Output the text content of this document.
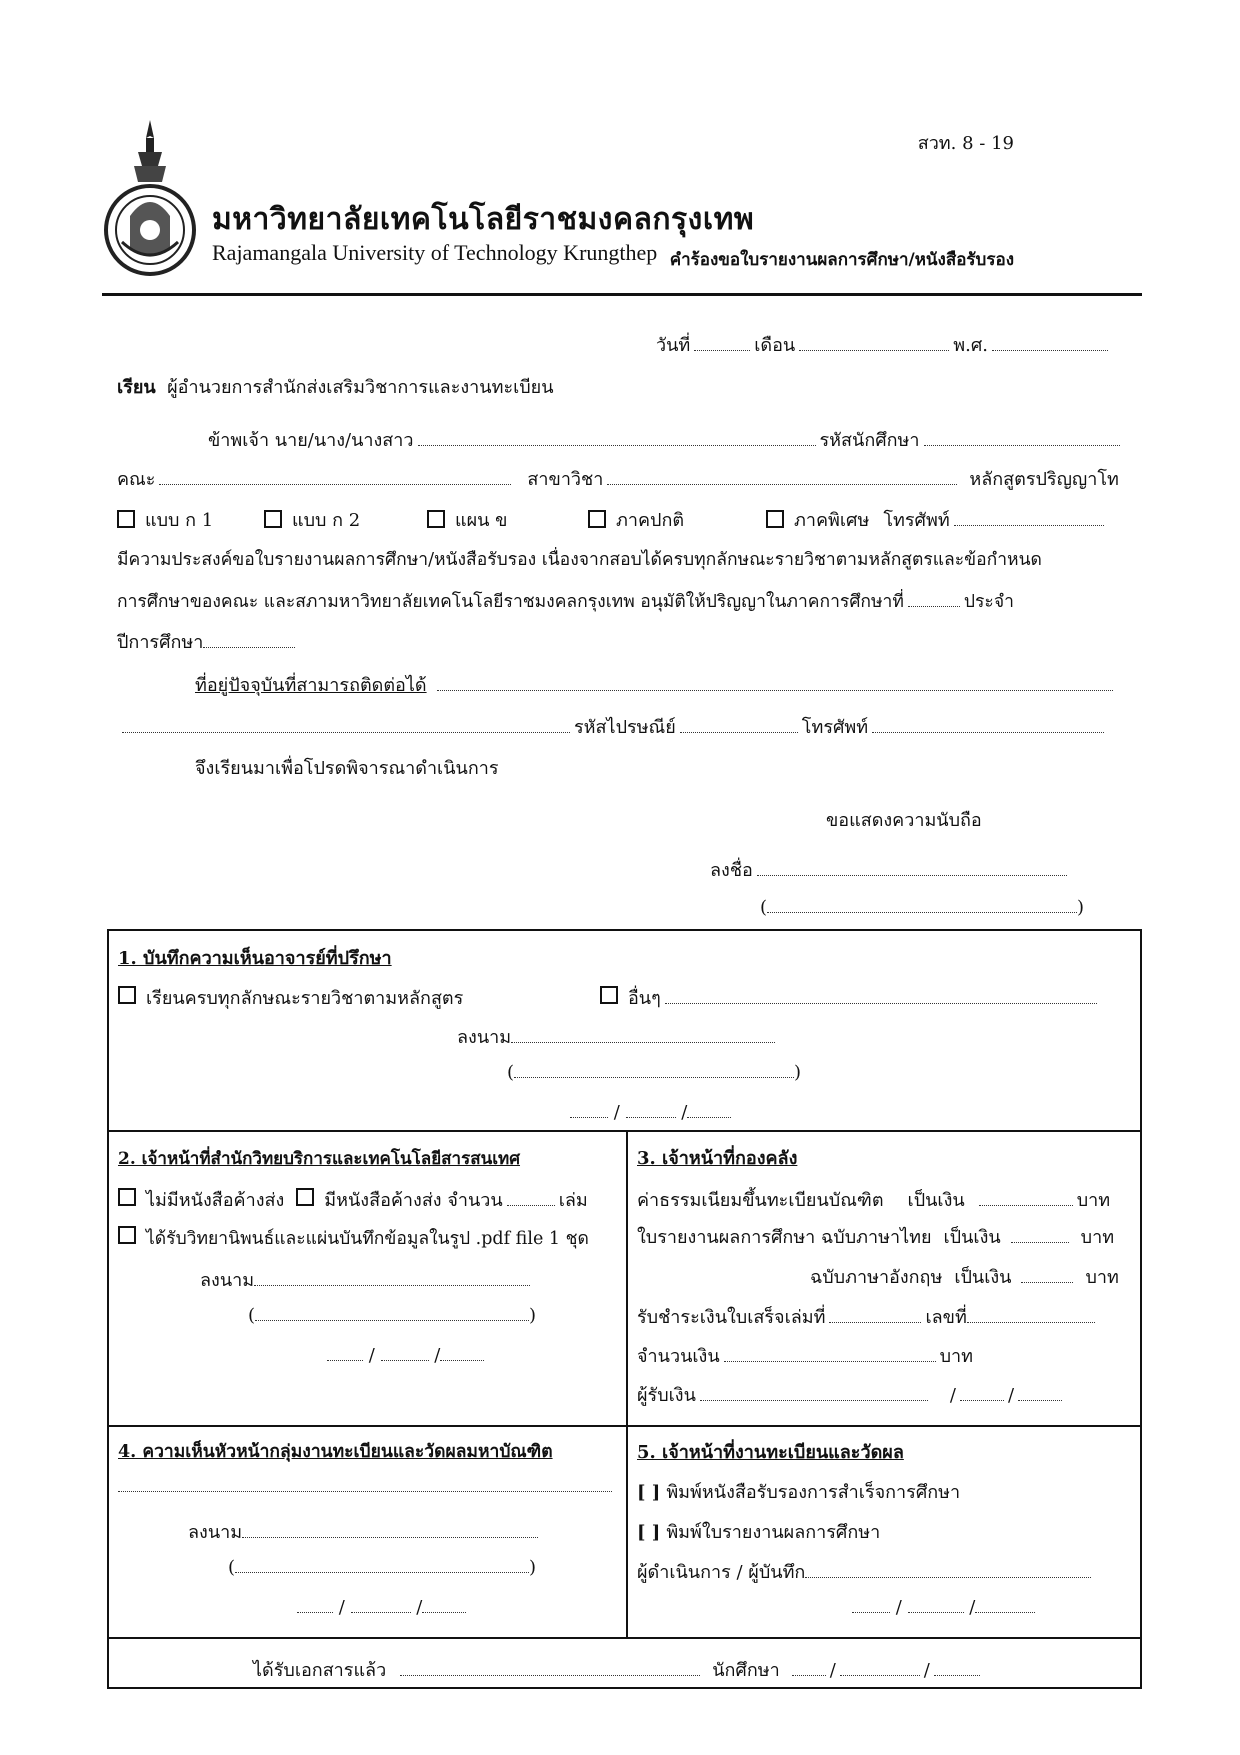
สวท. 8 - 19
มหาวิทยาลัยเทคโนโลยีราชมงคลกรุงเทพ
Rajamangala University of Technology Krungthep คำร้องขอใบรายงานผลการศึกษา/หนังสือรับรอง
วันที่	เดือน	พ.ศ.
เรียน
ผู้อำนวยการสำนักส่งเสริมวิชาการและงานทะเบียน
ข้าพเจ้า นาย/นาง/นางสาว	รหัสนักศึกษา
คณะ	สาขาวิชา	หลักสูตรปริญญาโท
แบบ ก 1	แบบ ก 2	แผน ข	ภาคปกติ	ภาคพิเศษ โทรศัพท์
มีความประสงค์ขอใบรายงานผลการศึกษา/หนังสือรับรอง เนื่องจากสอบได้ครบทุกลักษณะรายวิชาตามหลักสูตรและข้อกำหนด
การศึกษาของคณะ และสภามหาวิทยาลัยเทคโนโลยีราชมงคลกรุงเทพ อนุมัติให้ปริญญาในภาคการศึกษาที่	ประจำ
ปีการศึกษา
ที่อยู่ปัจจุบันที่สามารถติดต่อได้
รหัสไปรษณีย์	โทรศัพท์
จึงเรียนมาเพื่อโปรดพิจารณาดำเนินการ
ขอแสดงความนับถือ
ลงชื่อ
(	)
1. บันทึกความเห็นอาจารย์ที่ปรึกษา
เรียนครบทุกลักษณะรายวิชาตามหลักสูตร	อื่นๆ
ลงนาม
(	)
/	/
2. เจ้าหน้าที่สำนักวิทยบริการและเทคโนโลยีสารสนเทศ
ไม่มีหนังสือค้างส่ง มีหนังสือค้างส่ง จำนวน	เล่ม
ได้รับวิทยานิพนธ์และแผ่นบันทึกข้อมูลในรูป .pdf file 1 ชุด
ลงนาม
(	)
/	/
3. เจ้าหน้าที่กองคลัง
ค่าธรรมเนียมขึ้นทะเบียนบัณฑิต เป็นเงิน	บาท
ใบรายงานผลการศึกษา ฉบับภาษาไทย เป็นเงิน	บาท
ฉบับภาษาอังกฤษ เป็นเงิน	บาท
รับชำระเงินใบเสร็จเล่มที่	เลขที่
จำนวนเงิน	บาท
ผู้รับเงิน	/	/
4. ความเห็นหัวหน้ากลุ่มงานทะเบียนและวัดผลมหาบัณฑิต
ลงนาม
(	)
/	/
5. เจ้าหน้าที่งานทะเบียนและวัดผล
[ ] พิมพ์หนังสือรับรองการสำเร็จการศึกษา
[ ] พิมพ์ใบรายงานผลการศึกษา
ผู้ดำเนินการ / ผู้บันทึก
/	/
ได้รับเอกสารแล้ว	นักศึกษา	/	/
